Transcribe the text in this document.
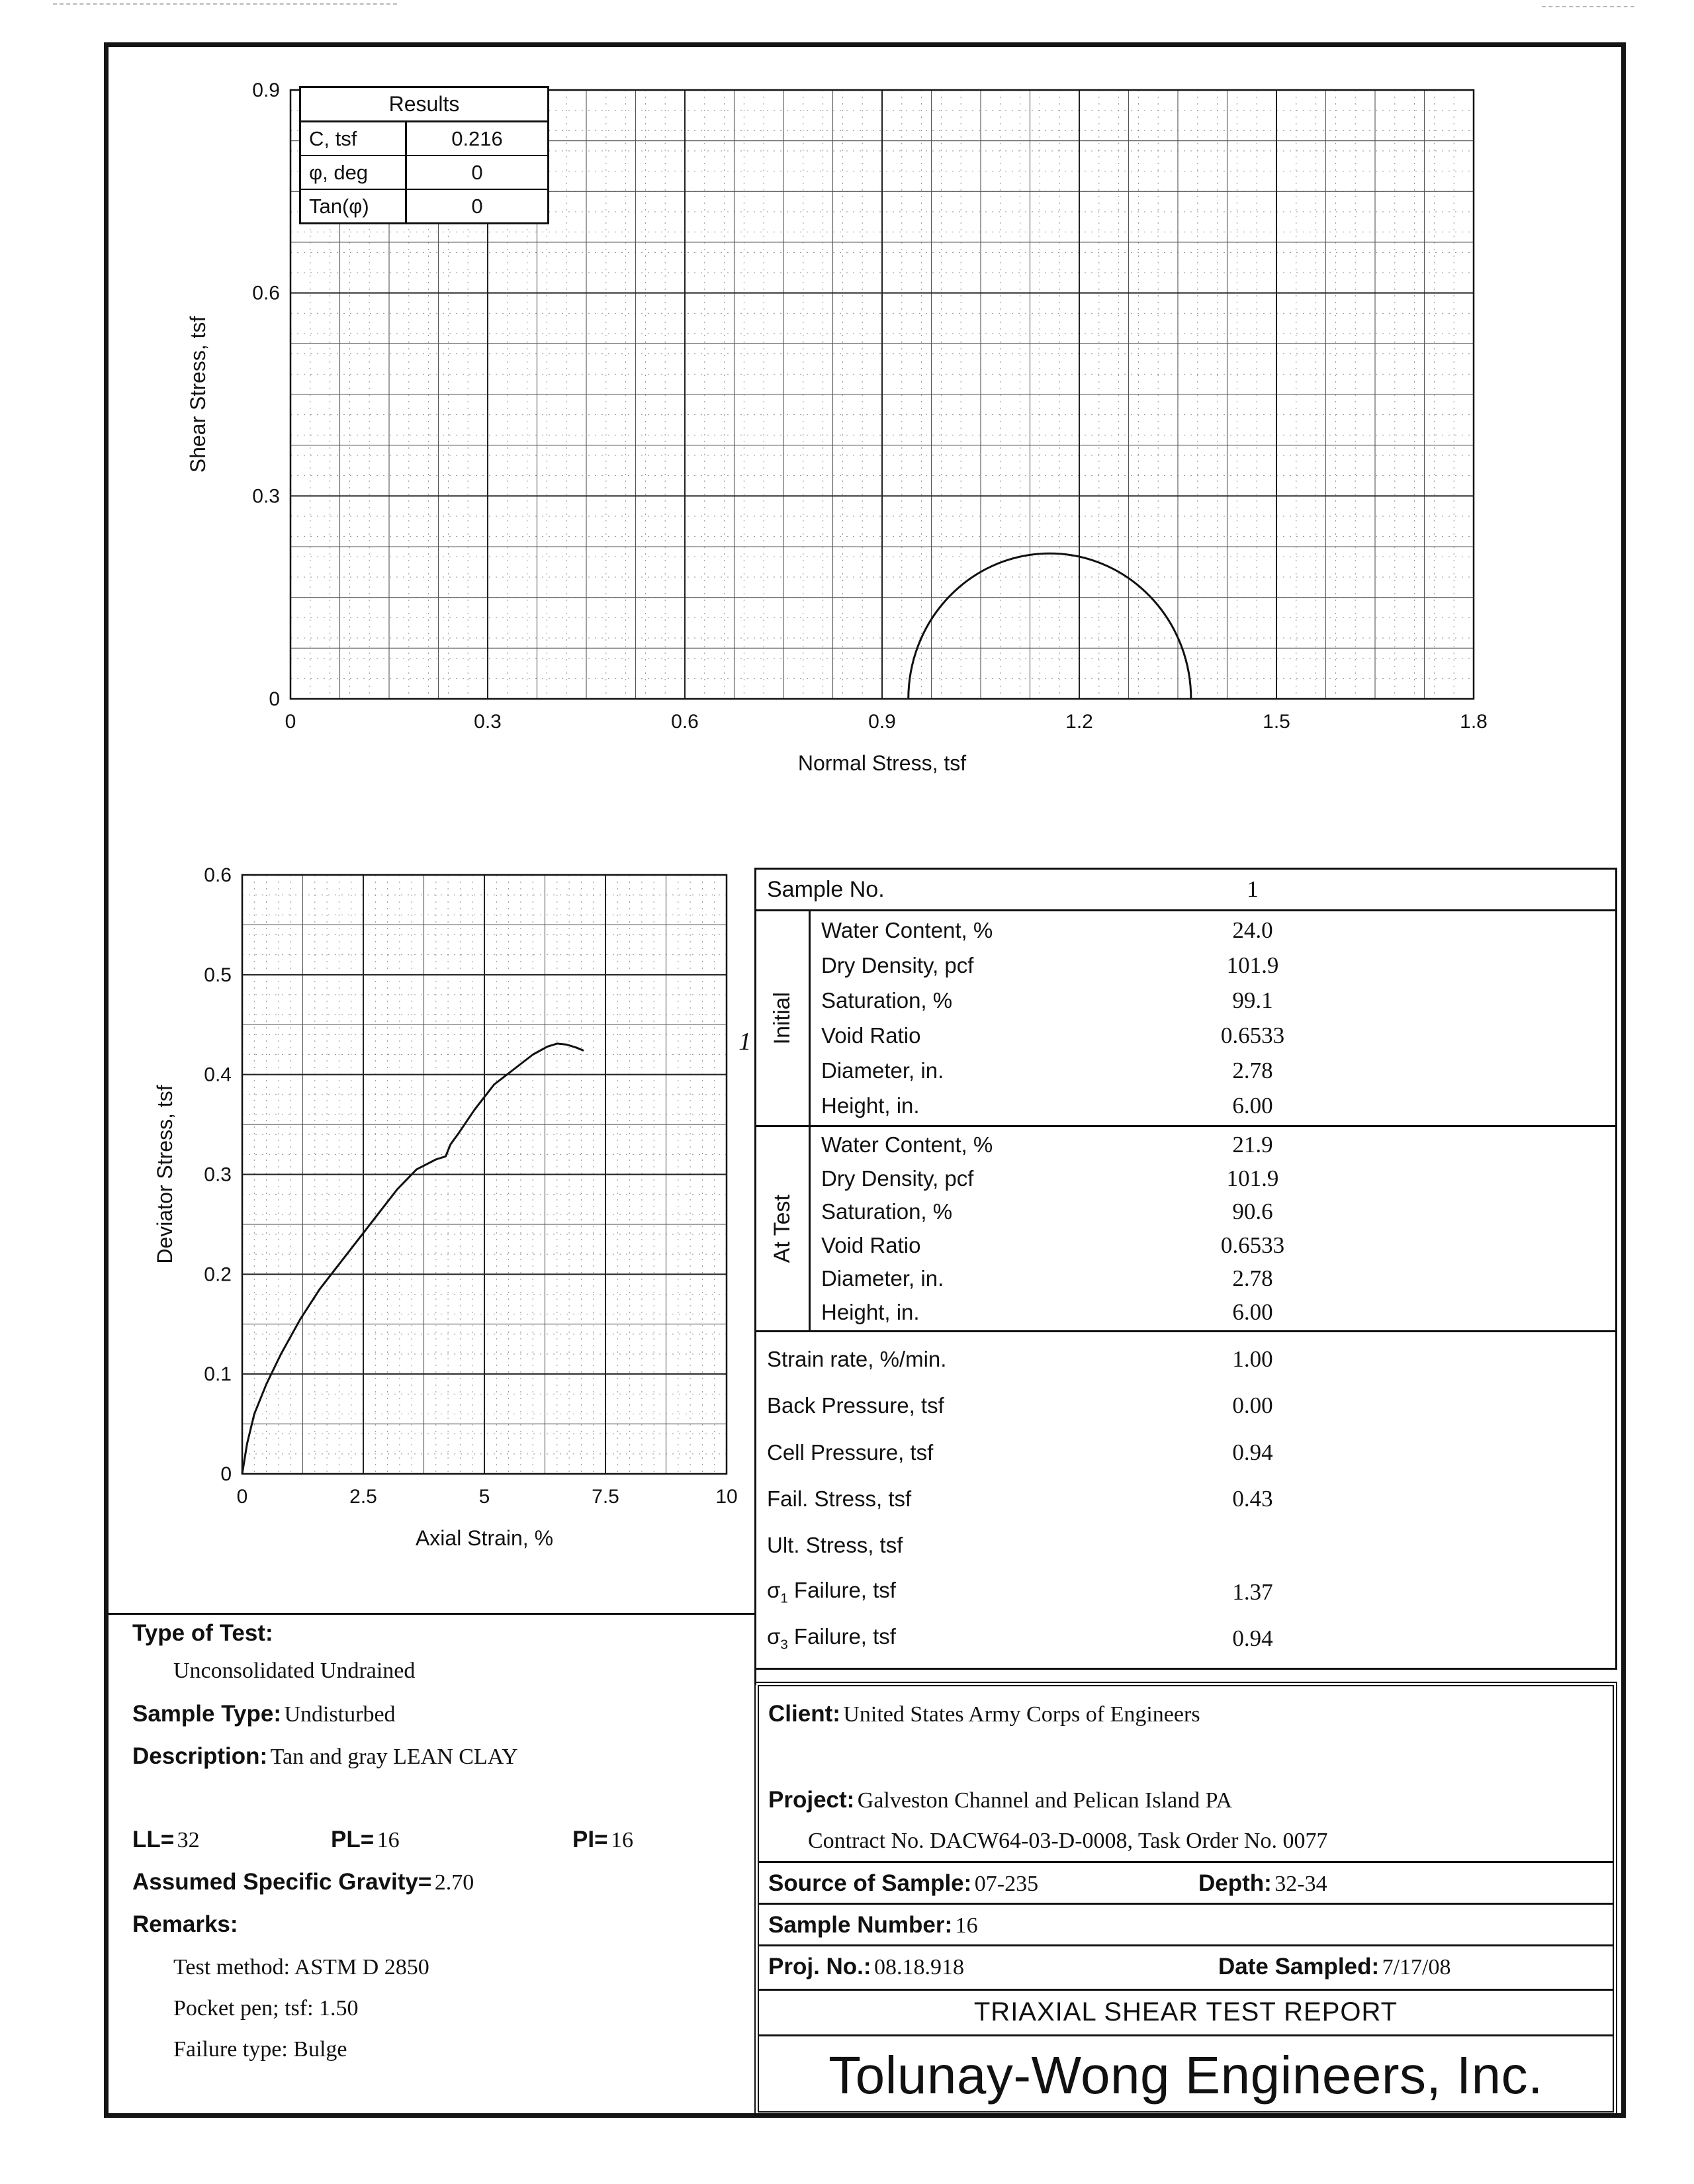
0	0.3	0.6	0.9	1.2	1.5	1.8
0
0.3
0.6
0.9
Normal Stress, tsf
Shear Stress, tsf
Results
C, tsf	0.216
φ, deg	0
Tan(φ)	0
0	2.5	5	7.5	10
0
0.1
0.2
0.3
0.4
0.5
0.6
Axial Strain, %
Deviator Stress, tsf
1
Sample No.	1
Initial
Water Content, %	24.0
Dry Density, pcf	101.9
Saturation, %	99.1
Void Ratio	0.6533
Diameter, in.	2.78
Height, in.	6.00
At Test
Water Content, %	21.9
Dry Density, pcf	101.9
Saturation, %	90.6
Void Ratio	0.6533
Diameter, in.	2.78
Height, in.	6.00
Strain rate, %/min.	1.00
Back Pressure, tsf	0.00
Cell Pressure, tsf	0.94
Fail. Stress, tsf	0.43
Ult. Stress, tsf
$\sigma_1$ Failure, tsf	1.37
$\sigma_3$ Failure, tsf	0.94
Type of Test:
Unconsolidated Undrained
Sample Type: Undisturbed
Description: Tan and gray LEAN CLAY
LL= 32	PL= 16	PI= 16
Assumed Specific Gravity= 2.70
Remarks:
Test method: ASTM D 2850
Pocket pen; tsf: 1.50
Failure type: Bulge
Client: United States Army Corps of Engineers
Project: Galveston Channel and Pelican Island PA
Contract No. DACW64-03-D-0008, Task Order No. 0077
Source of Sample: 07-235	Depth: 32-34
Sample Number: 16
Proj. No.: 08.18.918	Date Sampled: 7/17/08
TRIAXIAL SHEAR TEST REPORT
Tolunay-Wong Engineers, Inc.
